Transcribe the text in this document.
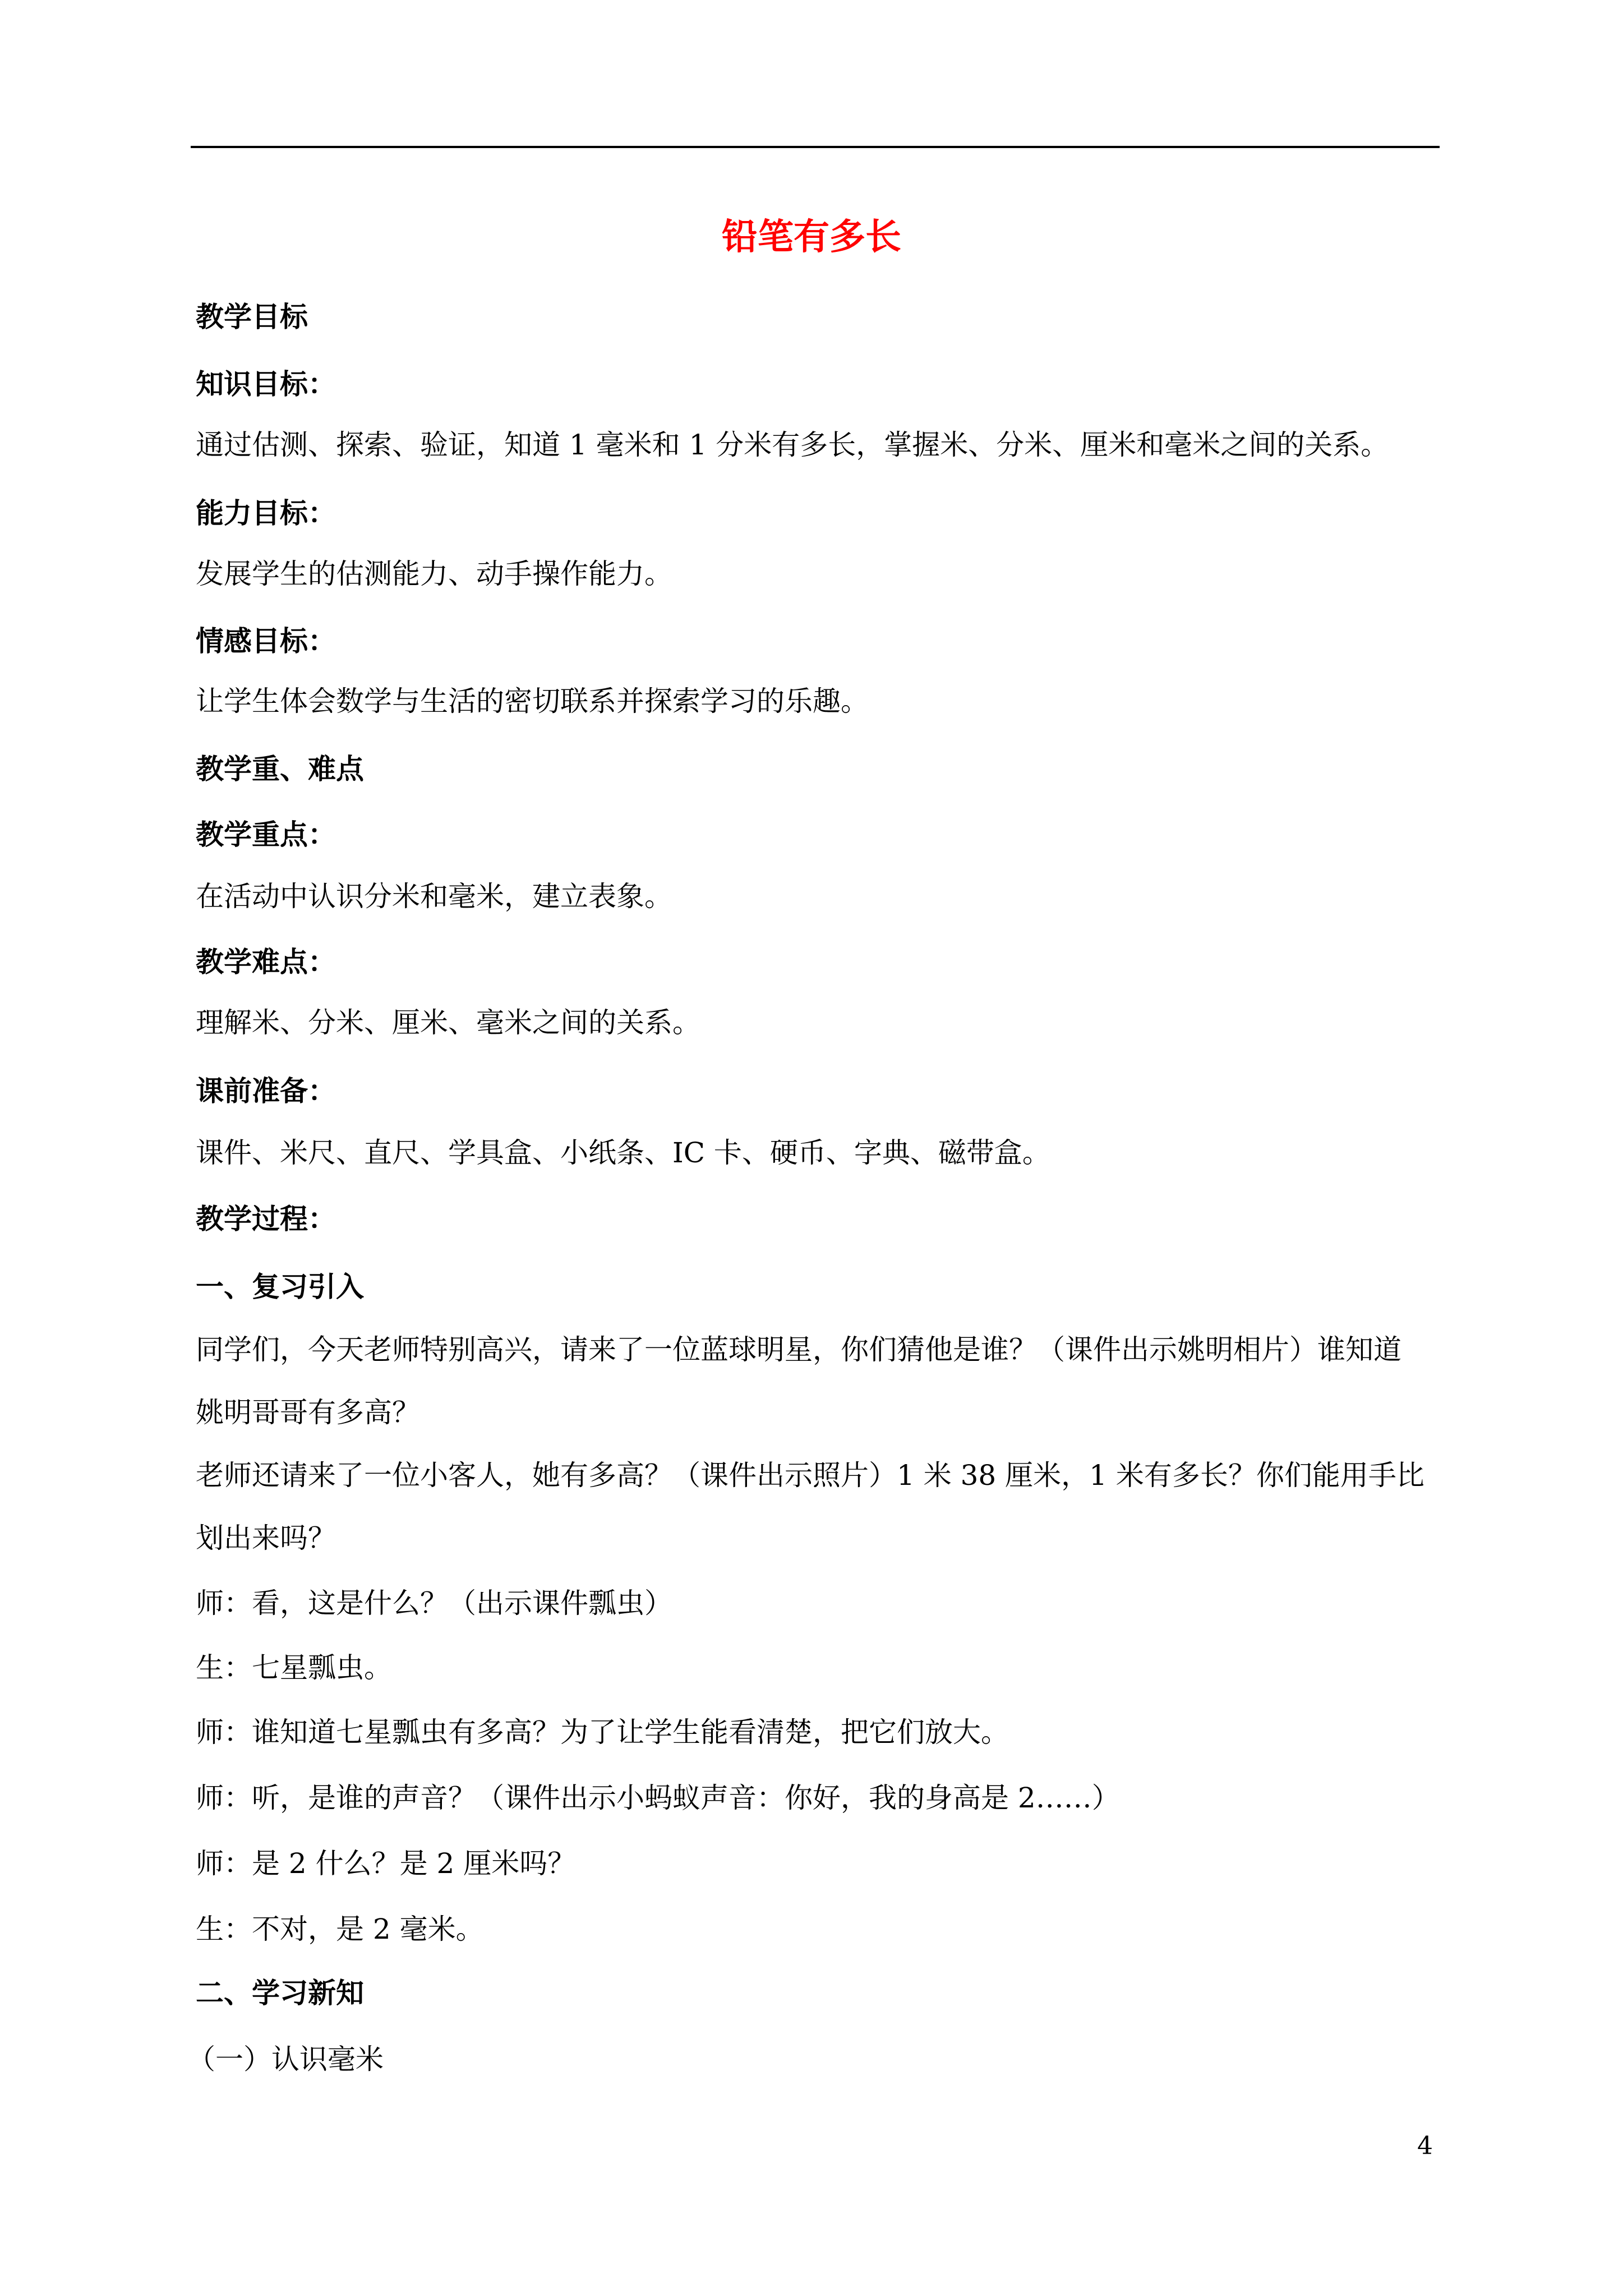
铅笔有多长
教学目标
知识目标：
通过估测、探索、验证，知道 1 毫米和 1 分米有多长，掌握米、分米、厘米和毫米之间的关系。
能力目标：
发展学生的估测能力、动手操作能力。
情感目标：
让学生体会数学与生活的密切联系并探索学习的乐趣。
教学重、难点
教学重点：
在活动中认识分米和毫米，建立表象。
教学难点：
理解米、分米、厘米、毫米之间的关系。
课前准备：
课件、米尺、直尺、学具盒、小纸条、IC 卡、硬币、字典、磁带盒。
教学过程：
一、复习引入
同学们，今天老师特别高兴，请来了一位蓝球明星，你们猜他是谁？（课件出示姚明相片）谁知道
姚明哥哥有多高？
老师还请来了一位小客人，她有多高？（课件出示照片）1 米 38 厘米，1 米有多长？你们能用手比
划出来吗？
师：看，这是什么？（出示课件瓢虫）
生：七星瓢虫。
师：谁知道七星瓢虫有多高？为了让学生能看清楚，把它们放大。
师：听，是谁的声音？（课件出示小蚂蚁声音：你好，我的身高是 2……）
师：是 2 什么？是 2 厘米吗？
生：不对，是 2 毫米。
二、学习新知
（一）认识毫米
4
